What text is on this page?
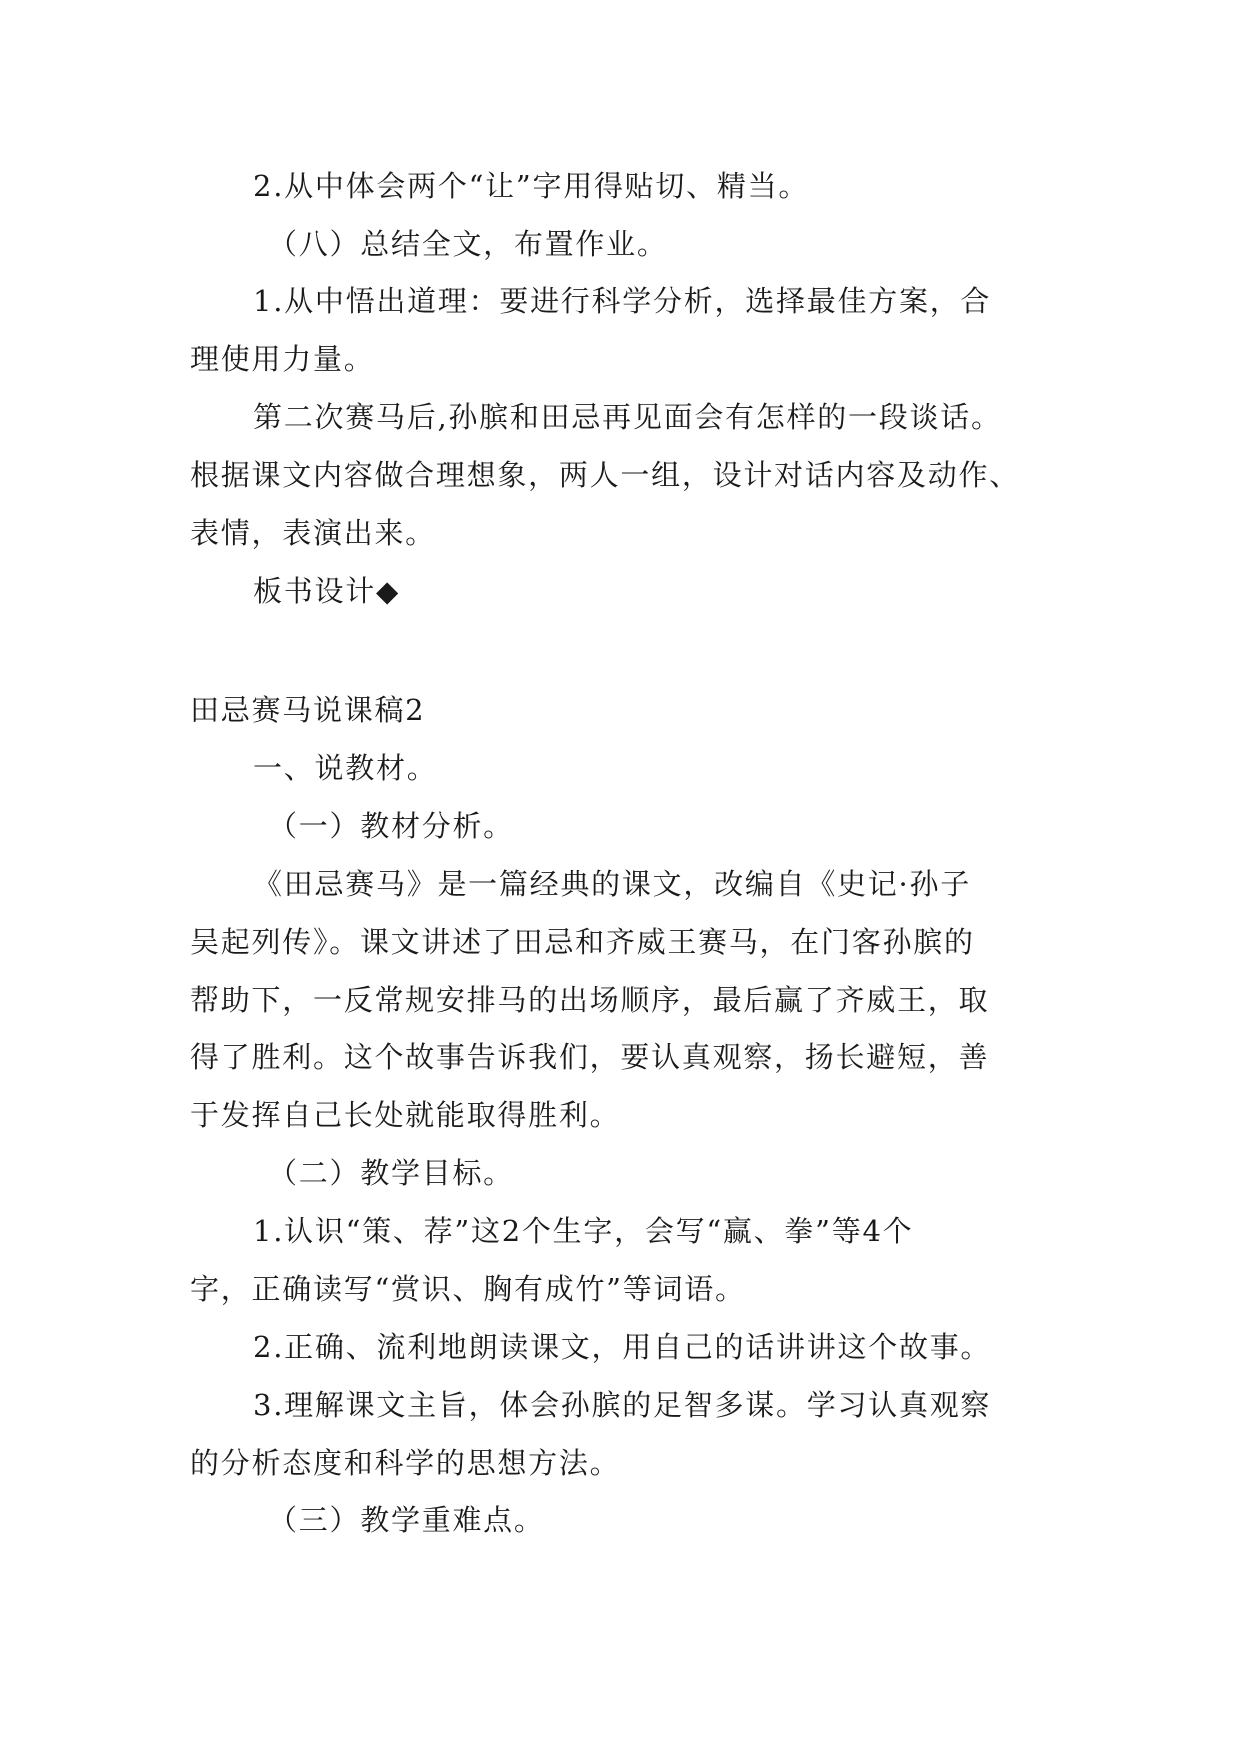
2.从中体会两个“让”字用得贴切、精当。
（八）总结全文，布置作业。
1.从中悟出道理：要进行科学分析，选择最佳方案，合
理使用力量。
第二次赛马后,孙膑和田忌再见面会有怎样的一段谈话。
根据课文内容做合理想象，两人一组，设计对话内容及动作、
表情，表演出来。
板书设计◆
田忌赛马说课稿2
一、说教材。
（一）教材分析。
《田忌赛马》是一篇经典的课文，改编自《史记·孙子
吴起列传》。课文讲述了田忌和齐威王赛马，在门客孙膑的
帮助下，一反常规安排马的出场顺序，最后赢了齐威王，取
得了胜利。这个故事告诉我们，要认真观察，扬长避短，善
于发挥自己长处就能取得胜利。
（二）教学目标。
1.认识“策、荐”这2个生字，会写“赢、拳”等4个
字，正确读写“赏识、胸有成竹”等词语。
2.正确、流利地朗读课文，用自己的话讲讲这个故事。
3.理解课文主旨，体会孙膑的足智多谋。学习认真观察
的分析态度和科学的思想方法。
（三）教学重难点。
